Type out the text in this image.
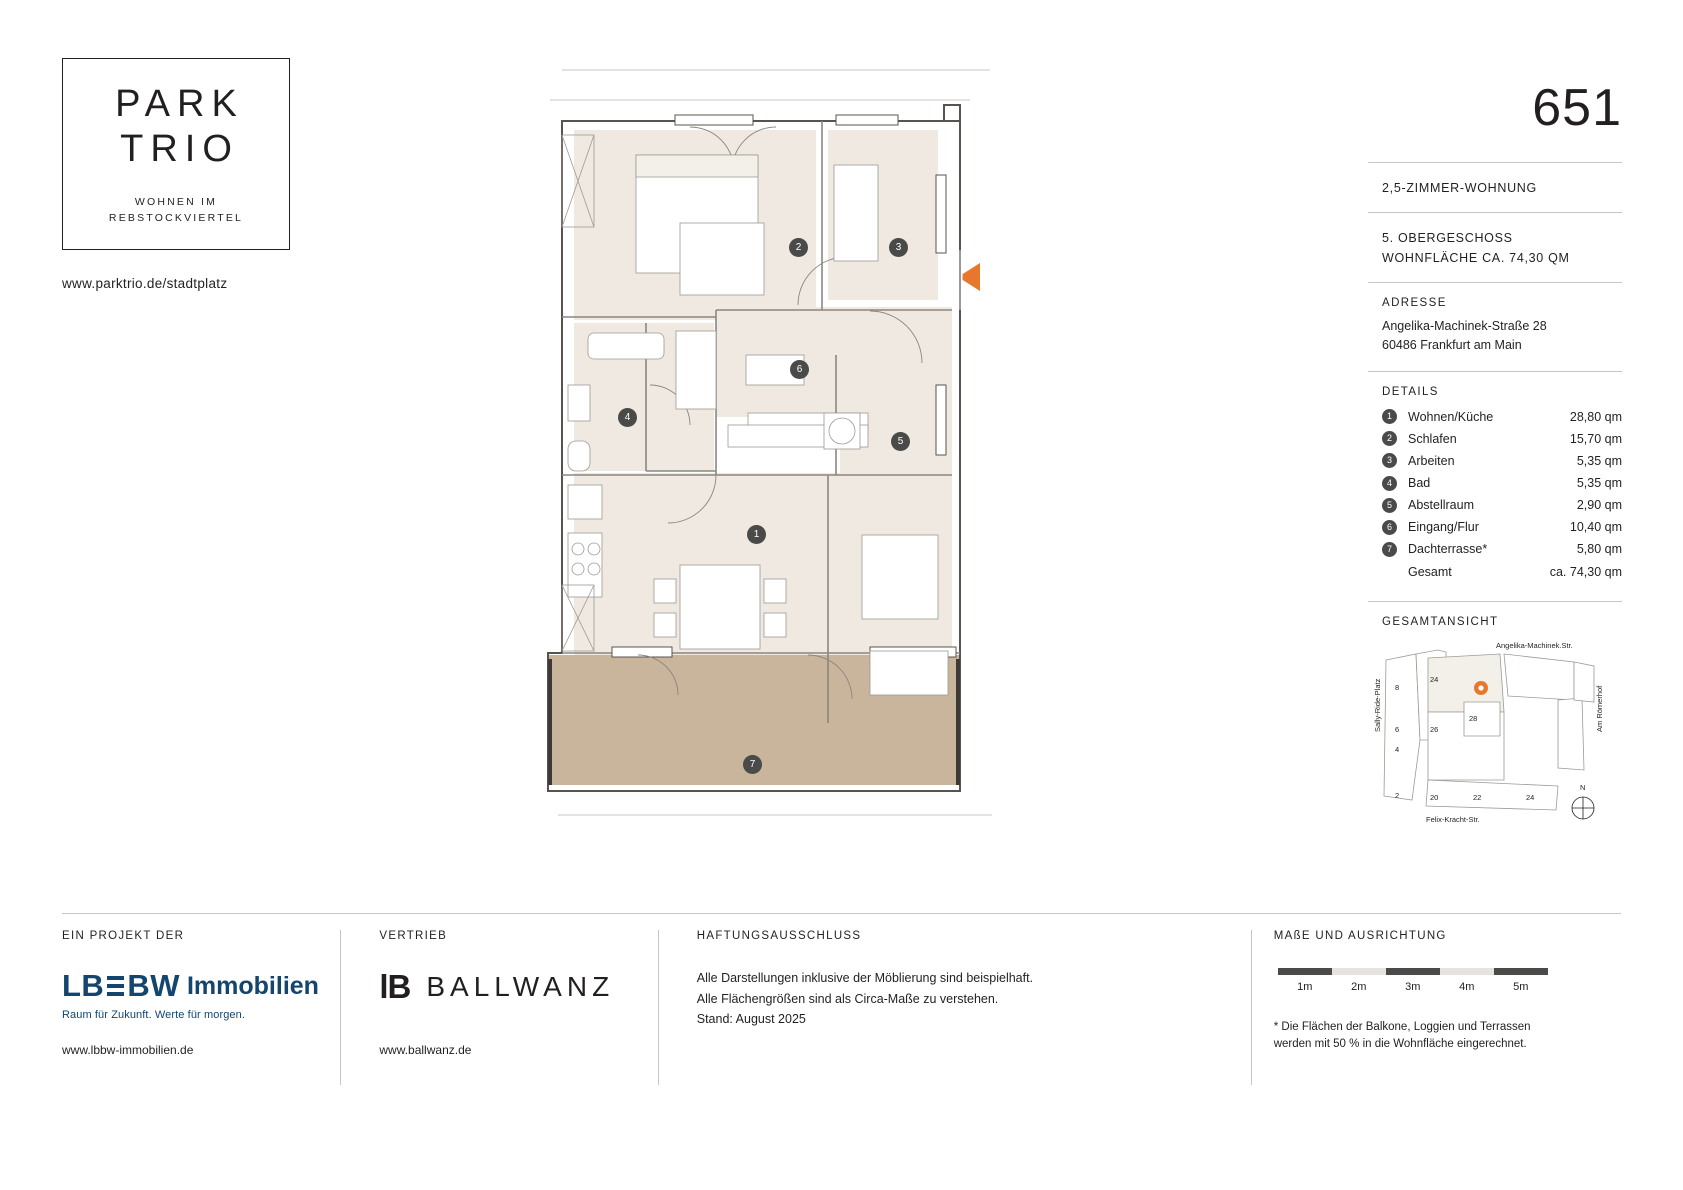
PARK
TRIO
WOHNEN IM
REBSTOCKVIERTEL
www.parktrio.de/stadtplatz
1
2	3
4
5
6
7
651
2,5-ZIMMER-WOHNUNG
5. OBERGESCHOSS
WOHNFLÄCHE CA. 74,30 QM
ADRESSE
Angelika-Machinek-Straße 28
60486 Frankfurt am Main
DETAILS
1	Wohnen/Küche	28,80 qm
2	Schlafen	15,70 qm
3	Arbeiten	5,35 qm
4	Bad	5,35 qm
5	Abstellraum	2,90 qm
6	Eingang/Flur	10,40 qm
7	Dachterrasse*	5,80 qm
Gesamt	ca. 74,30 qm
GESAMTANSICHT
8
24
6	26
28
4
2	20	22	24
Angelika-Machinek.Str.
Felix-Kracht-Str.
Sally-Ride-Platz	Am Römerhof
N
EIN PROJEKT DER
LB BW Immobilien
Raum für Zukunft. Werte für morgen.
www.lbbw-immobilien.de
VERTRIEB
lB BALLWANZ
www.ballwanz.de
HAFTUNGSAUSSCHLUSS
Alle Darstellungen inklusive der Möblierung sind beispielhaft.
Alle Flächengrößen sind als Circa-Maße zu verstehen.
Stand: August 2025
MAßE UND AUSRICHTUNG
1m	2m	3m	4m	5m
* Die Flächen der Balkone, Loggien und Terrassen
werden mit 50 % in die Wohnfläche eingerechnet.
